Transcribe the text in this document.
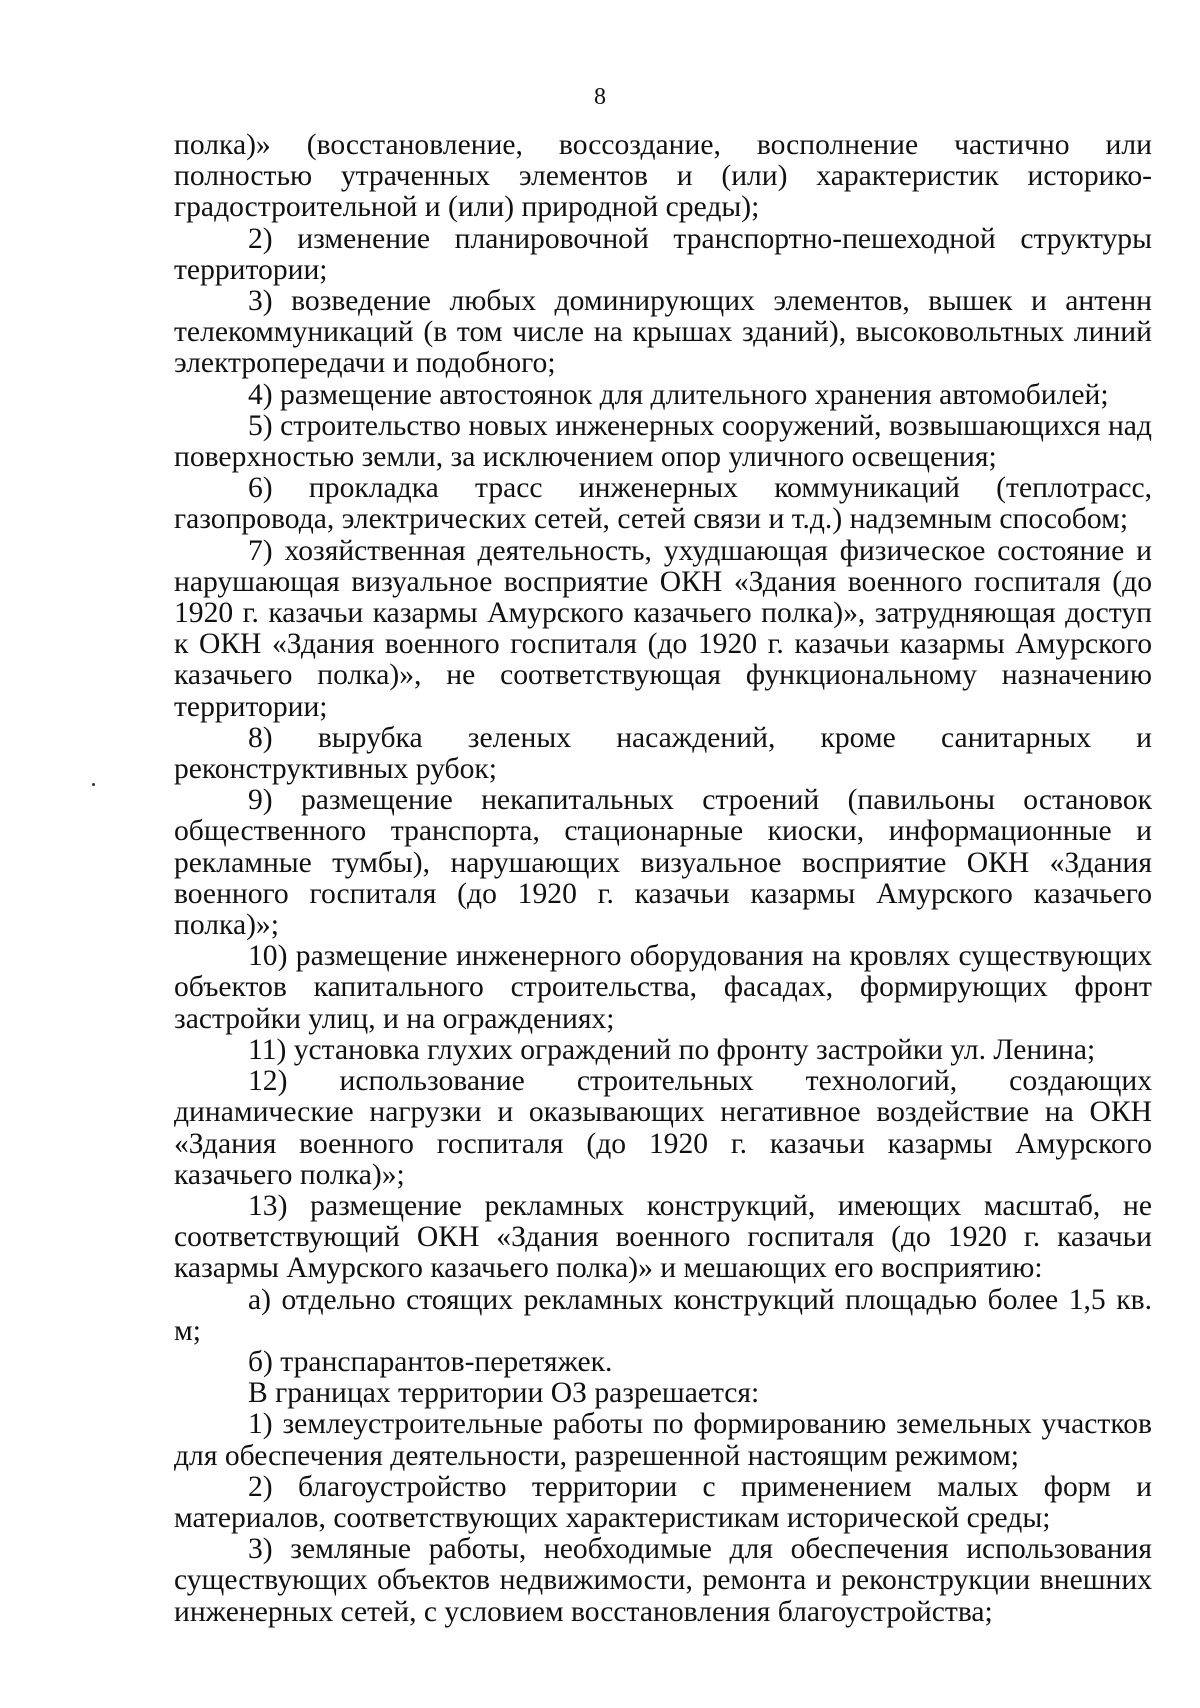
8

полка)» (восстановление, воссоздание, восполнение частично или полностью утраченных элементов и (или) характеристик историко-градостроительной и (или) природной среды);

2) изменение планировочной транспортно-пешеходной структуры территории;

3) возведение любых доминирующих элементов, вышек и антенн телекоммуникаций (в том числе на крышах зданий), высоковольтных линий электропередачи и подобного;

4) размещение автостоянок для длительного хранения автомобилей;

5) строительство новых инженерных сооружений, возвышающихся над поверхностью земли, за исключением опор уличного освещения;

6) прокладка трасс инженерных коммуникаций (теплотрасс, газопровода, электрических сетей, сетей связи и т.д.) надземным способом;

7) хозяйственная деятельность, ухудшающая физическое состояние и нарушающая визуальное восприятие ОКН «Здания военного госпиталя (до 1920 г. казачьи казармы Амурского казачьего полка)», затрудняющая доступ к ОКН «Здания военного госпиталя (до 1920 г. казачьи казармы Амурского казачьего полка)», не соответствующая функциональному назначению территории;

8) вырубка зеленых насаждений, кроме санитарных и реконструктивных рубок;

9) размещение некапитальных строений (павильоны остановок общественного транспорта, стационарные киоски, информационные и рекламные тумбы), нарушающих визуальное восприятие ОКН «Здания военного госпиталя (до 1920 г. казачьи казармы Амурского казачьего полка)»;

10) размещение инженерного оборудования на кровлях существующих объектов капитального строительства, фасадах, формирующих фронт застройки улиц, и на ограждениях;

11) установка глухих ограждений по фронту застройки ул. Ленина;

12) использование строительных технологий, создающих динамические нагрузки и оказывающих негативное воздействие на ОКН «Здания военного госпиталя (до 1920 г. казачьи казармы Амурского казачьего полка)»;

13) размещение рекламных конструкций, имеющих масштаб, не соответствующий ОКН «Здания военного госпиталя (до 1920 г. казачьи казармы Амурского казачьего полка)» и мешающих его восприятию:

а) отдельно стоящих рекламных конструкций площадью более 1,5 кв. м;

б) транспарантов-перетяжек.

В границах территории ОЗ разрешается:

1) землеустроительные работы по формированию земельных участков для обеспечения деятельности, разрешенной настоящим режимом;

2) благоустройство территории с применением малых форм и материалов, соответствующих характеристикам исторической среды;

3) земляные работы, необходимые для обеспечения использования существующих объектов недвижимости, ремонта и реконструкции внешних инженерных сетей, с условием восстановления благоустройства;
